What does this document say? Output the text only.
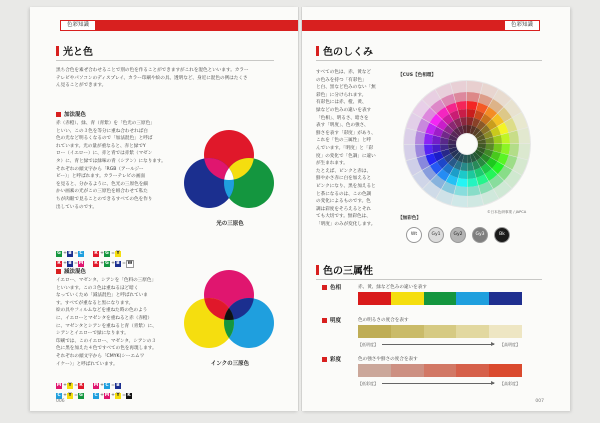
色彩知識
光と色
黒ち合色を素ぜ合わせることで別の色を作ることができますがこれを混色といいます。カラー
テレビやパソコンのディスプレイ、カラー印刷や絵の具、透明など、身近に混色の例はたくさ
ん見ることができます。
加法混色
赤（赤橙）、緑、青（青紫）を「色光の三原色」
といい、この３色を等分に重ね合わせれば白
色の光など明るくなるので「加法混色」と呼ば
れています。光の量が重なると、赤と緑でY
ロー（イエロー）に、赤と青では赤紫（マゼン
タ）に、青と緑では緑味の青（シアン）になります。
それぞれの頭文字から「RGB（アールジー
ビー）」と呼ばれます。カラーテレビの画面
を見ると、分かるように、色光の三原色を細
かい画素の光がこの三原色を組合わせて私た
ちが肉眼で見ることのできるすべての色を作り
出しているのです。
光の三原色
G +B =C	R +G =Y
R +B =M R +G +B = W
減法混色
イエロー、マゼンタ、シアンを「色料の三原色」
といいます。この３色は重ねるほど暗く
なっていくため「減法混色」と呼ばれていま
す。すべてが重なると黒になります。
絵の具やフィルムなどを重ねた時の色のよう
に、イエローとマゼンタを重ねると赤（赤橙）
に、マゼンタとシアンを重ねると青（青紫）に、
シアンとイエローで緑になります。
印刷では、このイエロー、マゼンタ、シアンの３
色に黒を加えた４色ですべての色を再現します。
それぞれの頭文字から「CMYK(シーエムワ
イケー）」と呼ばれています。	インクの三原色
M +Y =R M +C =B
C +Y =G	C +M +Y =K
006
色彩知識
色のしくみ
すべての色は、赤、黄など
の色みを持つ「有彩色」
と白、黒など色みのない「無
彩色」に分けられます。
有彩色には赤、橙、黄、
緑などの色みの違いを表す
「色相」、明るさ、暗さを
表す「明度」、色の強さ、
鮮さを表す「彩度」があり、
これを「色の三属性」と呼
んでいます。「明度」と「彩
度」の変化で「色調」に違い
が生まれます。
たとえば、ピンクと赤は、
鮮やかさ赤に白を加えると
ピンクになり、黒を加えると
と茶になるのは、この色調
の変化によるものです。色
調は彩度をそろえるとそれ
ても大切です。無彩色は、
「明度」のみが変化します。
【CUS【色相環】
©日本色研事業 / JAPCA
【無彩色】
Wt	Gy1	Gy2	Gy3	Bk
色の三属性
色相	赤、黄、緑など色みの違いを表す
明度	色の明るさの度合を表す
【低明度】	【高明度】
彩度	色の強さや鮮さの度合を表す
【低彩度】	【高彩度】
007
